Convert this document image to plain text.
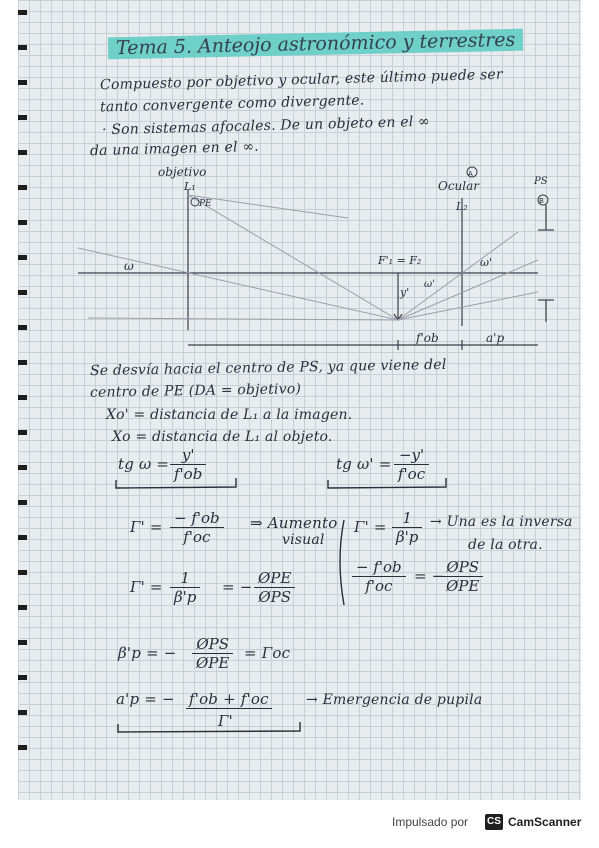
Tema 5. Anteojo astronómico y terrestres
Compuesto por objetivo y ocular, este último puede ser
tanto convergente como divergente.
· Son sistemas afocales. De un objeto en el ∞
da una imagen en el ∞.
objetivo
L₁
PE
Ocular
L₂
PS
A
B
F'₁ = F₂
ω	ω'
ω'
y'
f'ob	a'p
Se desvía hacia el centro de PS, ya que viene del
centro de PE (DA = objetivo)
Xo' = distancia de L₁ a la imagen.
Xo = distancia de L₁ al objeto.
tg $\omega = \frac{y'}{f'ob}$	tg $\omega' = \frac{-y'}{f'oc}$
$\Gamma' = \frac{- f'ob}{f'oc}$ ⇒ Aumento
visual
$\Gamma' = \frac{1}{\beta'p}$ = − ØPE
ØPS
$\Gamma' = \frac{1}{\beta'p}$ → Una es la inversa
de la otra.
$\frac{- f'ob}{f'oc}$ = − ØPS
ØPE
β'p = − ØPS
ØPE
= Γoc
a'p = − f'ob + f'oc
Γ'
→ Emergencia de pupila
Impulsado por CS CamScanner
